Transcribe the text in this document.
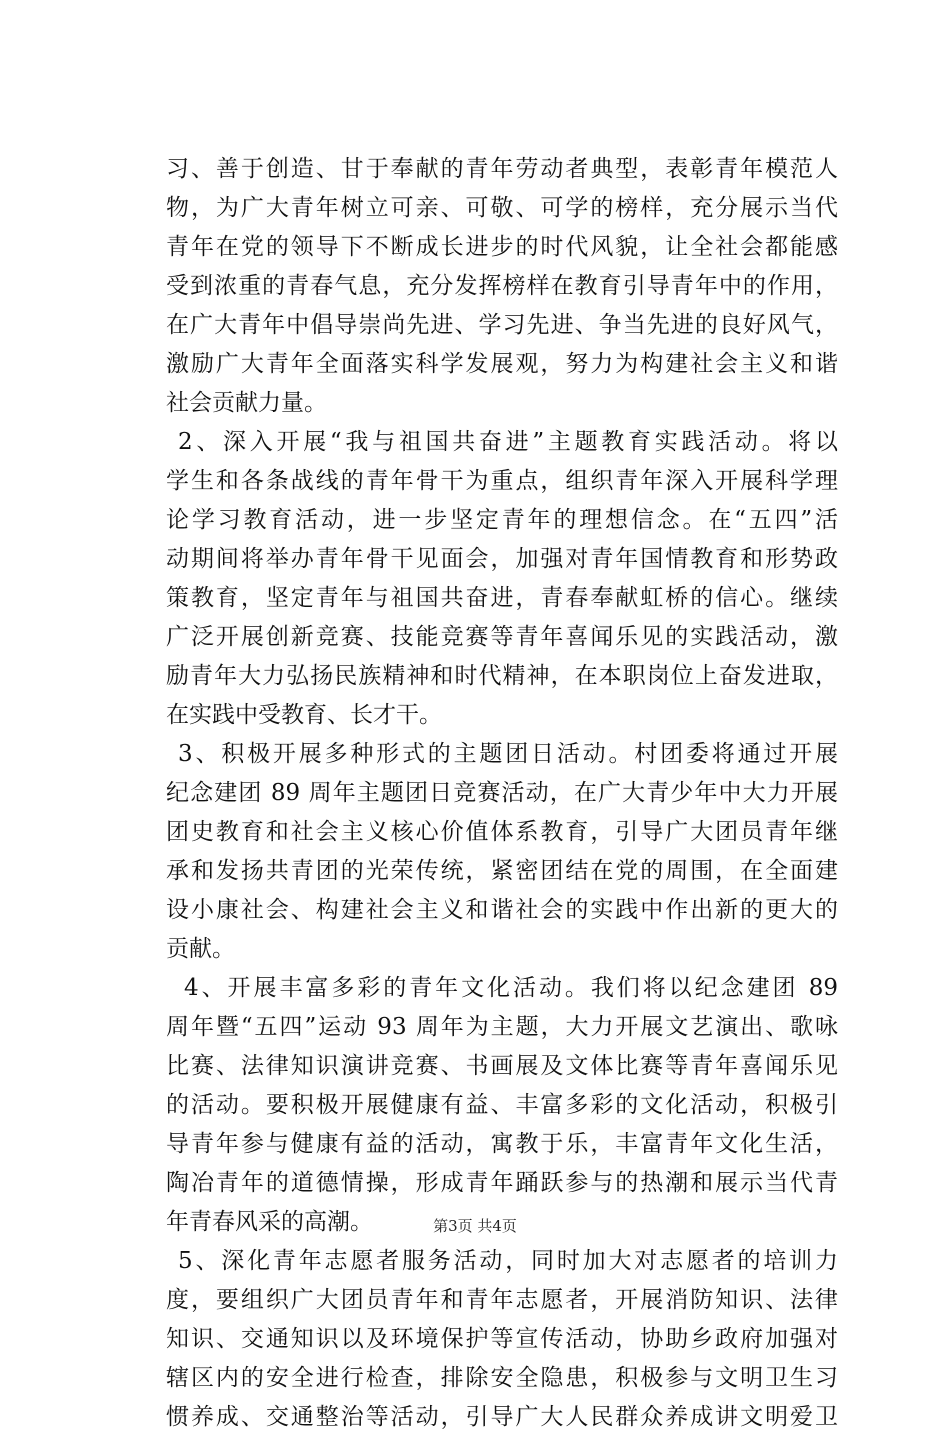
习、善于创造、甘于奉献的青年劳动者典型，表彰青年模范人
物，为广大青年树立可亲、可敬、可学的榜样，充分展示当代
青年在党的领导下不断成长进步的时代风貌，让全社会都能感
受到浓重的青春气息，充分发挥榜样在教育引导青年中的作用，
在广大青年中倡导崇尚先进、学习先进、争当先进的良好风气，
激励广大青年全面落实科学发展观，努力为构建社会主义和谐
社会贡献力量。
2、深入开展“我与祖国共奋进”主题教育实践活动。将以
学生和各条战线的青年骨干为重点，组织青年深入开展科学理
论学习教育活动，进一步坚定青年的理想信念。在“五四”活
动期间将举办青年骨干见面会，加强对青年国情教育和形势政
策教育，坚定青年与祖国共奋进，青春奉献虹桥的信心。继续
广泛开展创新竞赛、技能竞赛等青年喜闻乐见的实践活动，激
励青年大力弘扬民族精神和时代精神，在本职岗位上奋发进取，
在实践中受教育、长才干。
3、积极开展多种形式的主题团日活动。村团委将通过开展
纪念建团 89 周年主题团日竞赛活动，在广大青少年中大力开展
团史教育和社会主义核心价值体系教育，引导广大团员青年继
承和发扬共青团的光荣传统，紧密团结在党的周围，在全面建
设小康社会、构建社会主义和谐社会的实践中作出新的更大的
贡献。
4、开展丰富多彩的青年文化活动。我们将以纪念建团 89
周年暨“五四”运动 93 周年为主题，大力开展文艺演出、歌咏
比赛、法律知识演讲竞赛、书画展及文体比赛等青年喜闻乐见
的活动。要积极开展健康有益、丰富多彩的文化活动，积极引
导青年参与健康有益的活动，寓教于乐，丰富青年文化生活，
陶冶青年的道德情操，形成青年踊跃参与的热潮和展示当代青
年青春风采的高潮。
5、深化青年志愿者服务活动，同时加大对志愿者的培训力
度，要组织广大团员青年和青年志愿者，开展消防知识、法律
知识、交通知识以及环境保护等宣传活动，协助乡政府加强对
辖区内的安全进行检查，排除安全隐患，积极参与文明卫生习
惯养成、交通整治等活动，引导广大人民群众养成讲文明爱卫
第3页 共4页
